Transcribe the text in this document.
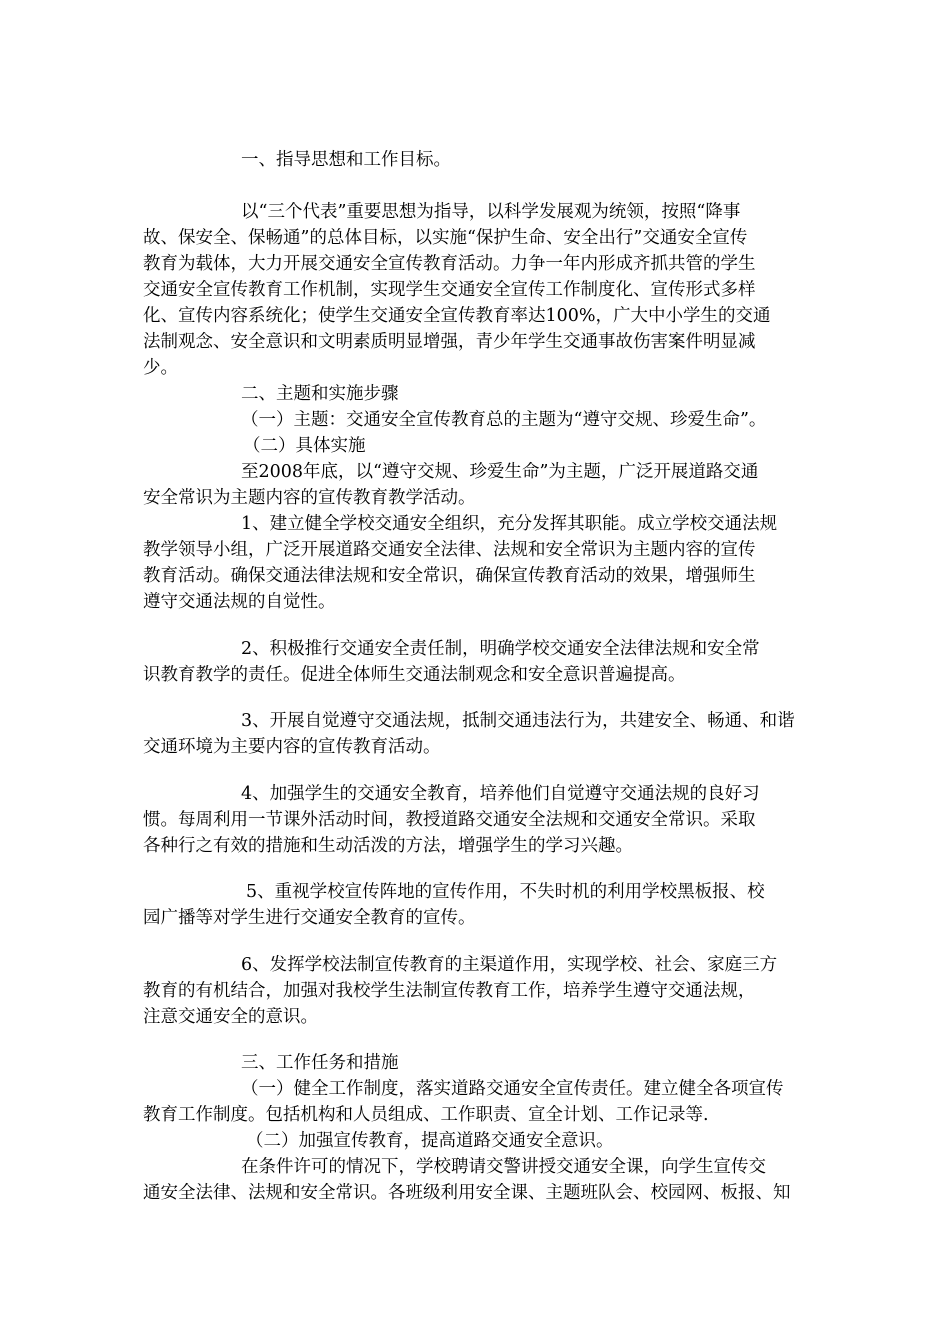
一、指导思想和工作目标。
以“三个代表”重要思想为指导，以科学发展观为统领，按照“降事
故、保安全、保畅通”的总体目标，以实施“保护生命、安全出行”交通安全宣传
教育为载体，大力开展交通安全宣传教育活动。力争一年内形成齐抓共管的学生
交通安全宣传教育工作机制，实现学生交通安全宣传工作制度化、宣传形式多样
化、宣传内容系统化；使学生交通安全宣传教育率达100%，广大中小学生的交通
法制观念、安全意识和文明素质明显增强，青少年学生交通事故伤害案件明显减
少。
二、主题和实施步骤
（一）主题：交通安全宣传教育总的主题为“遵守交规、珍爱生命”。
（二）具体实施
至2008年底，以“遵守交规、珍爱生命”为主题，广泛开展道路交通
安全常识为主题内容的宣传教育教学活动。
1、建立健全学校交通安全组织，充分发挥其职能。成立学校交通法规
教学领导小组，广泛开展道路交通安全法律、法规和安全常识为主题内容的宣传
教育活动。确保交通法律法规和安全常识，确保宣传教育活动的效果，增强师生
遵守交通法规的自觉性。
2、积极推行交通安全责任制，明确学校交通安全法律法规和安全常
识教育教学的责任。促进全体师生交通法制观念和安全意识普遍提高。
3、开展自觉遵守交通法规，抵制交通违法行为，共建安全、畅通、和谐
交通环境为主要内容的宣传教育活动。
4、加强学生的交通安全教育，培养他们自觉遵守交通法规的良好习
惯。每周利用一节课外活动时间，教授道路交通安全法规和交通安全常识。采取
各种行之有效的措施和生动活泼的方法，增强学生的学习兴趣。
5、重视学校宣传阵地的宣传作用，不失时机的利用学校黑板报、校
园广播等对学生进行交通安全教育的宣传。
6、发挥学校法制宣传教育的主渠道作用，实现学校、社会、家庭三方
教育的有机结合，加强对我校学生法制宣传教育工作，培养学生遵守交通法规，
注意交通安全的意识。
三、工作任务和措施
（一）健全工作制度，落实道路交通安全宣传责任。建立健全各项宣传
教育工作制度。包括机构和人员组成、工作职责、宣全计划、工作记录等.
（二）加强宣传教育，提高道路交通安全意识。
在条件许可的情况下，学校聘请交警讲授交通安全课，向学生宣传交
通安全法律、法规和安全常识。各班级利用安全课、主题班队会、校园网、板报、知
